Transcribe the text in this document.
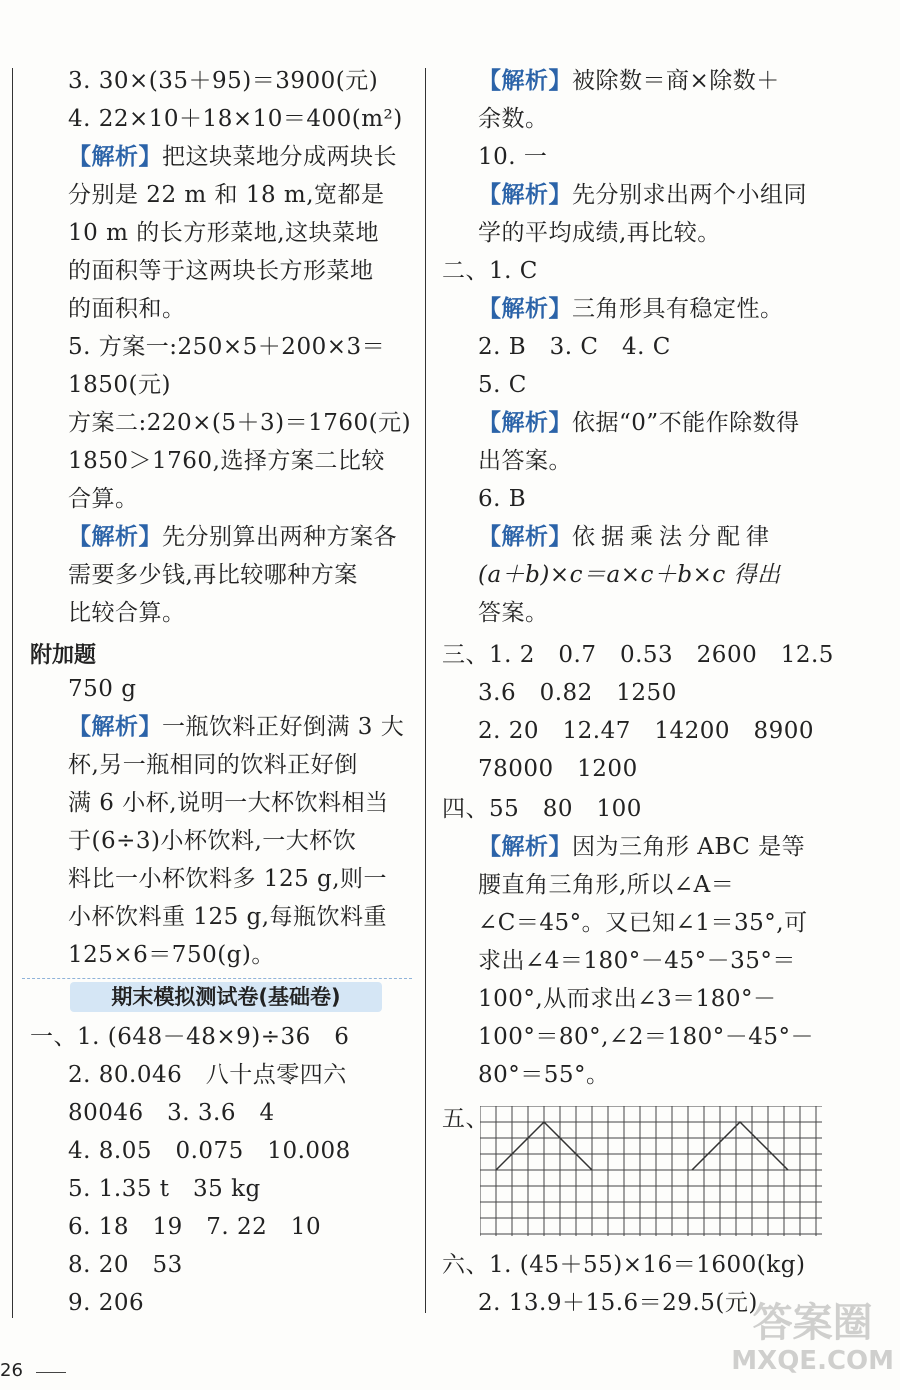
3. 30×(35＋95)＝3900(元)
4. 22×10＋18×10＝400(m²)
【解析】把这块菜地分成两块长
分别是 22 m 和 18 m,宽都是
10 m 的长方形菜地,这块菜地
的面积等于这两块长方形菜地
的面积和。
5. 方案一:250×5＋200×3＝
1850(元)
方案二:220×(5＋3)＝1760(元)
1850＞1760,选择方案二比较
合算。
【解析】先分别算出两种方案各
需要多少钱,再比较哪种方案
比较合算。
附加题
750 g
【解析】一瓶饮料正好倒满 3 大
杯,另一瓶相同的饮料正好倒
满 6 小杯,说明一大杯饮料相当
于(6÷3)小杯饮料,一大杯饮
料比一小杯饮料多 125 g,则一
小杯饮料重 125 g,每瓶饮料重
125×6＝750(g)。
期末模拟测试卷(基础卷)
一、1. (648－48×9)÷36　6
2. 80.046　八十点零四六
80046　3. 3.6　4
4. 8.05　0.075　10.008
5. 1.35 t　35 kg
6. 18　19　7. 22　10
8. 20　53
9. 206
【解析】被除数＝商×除数＋
余数。
10. 一
【解析】先分别求出两个小组同
学的平均成绩,再比较。
二、1. C
【解析】三角形具有稳定性。
2. B　3. C　4. C
5. C
【解析】依据“0”不能作除数得
出答案。
6. B
【解析】依据乘法分配律
(a＋b)×c＝a×c＋b×c 得出
答案。
三、1. 2　0.7　0.53　2600　12.5
3.6　0.82　1250
2. 20　12.47　14200　8900
78000　1200
四、55　80　100
【解析】因为三角形 ABC 是等
腰直角三角形,所以∠A＝
∠C＝45°。又已知∠1＝35°,可
求出∠4＝180°－45°－35°＝
100°,从而求出∠3＝180°－
100°＝80°,∠2＝180°－45°－
80°＝55°。
五、
六、1. (45＋55)×16＝1600(kg)
2. 13.9＋15.6＝29.5(元)
26
答案圈
MXQE.COM
